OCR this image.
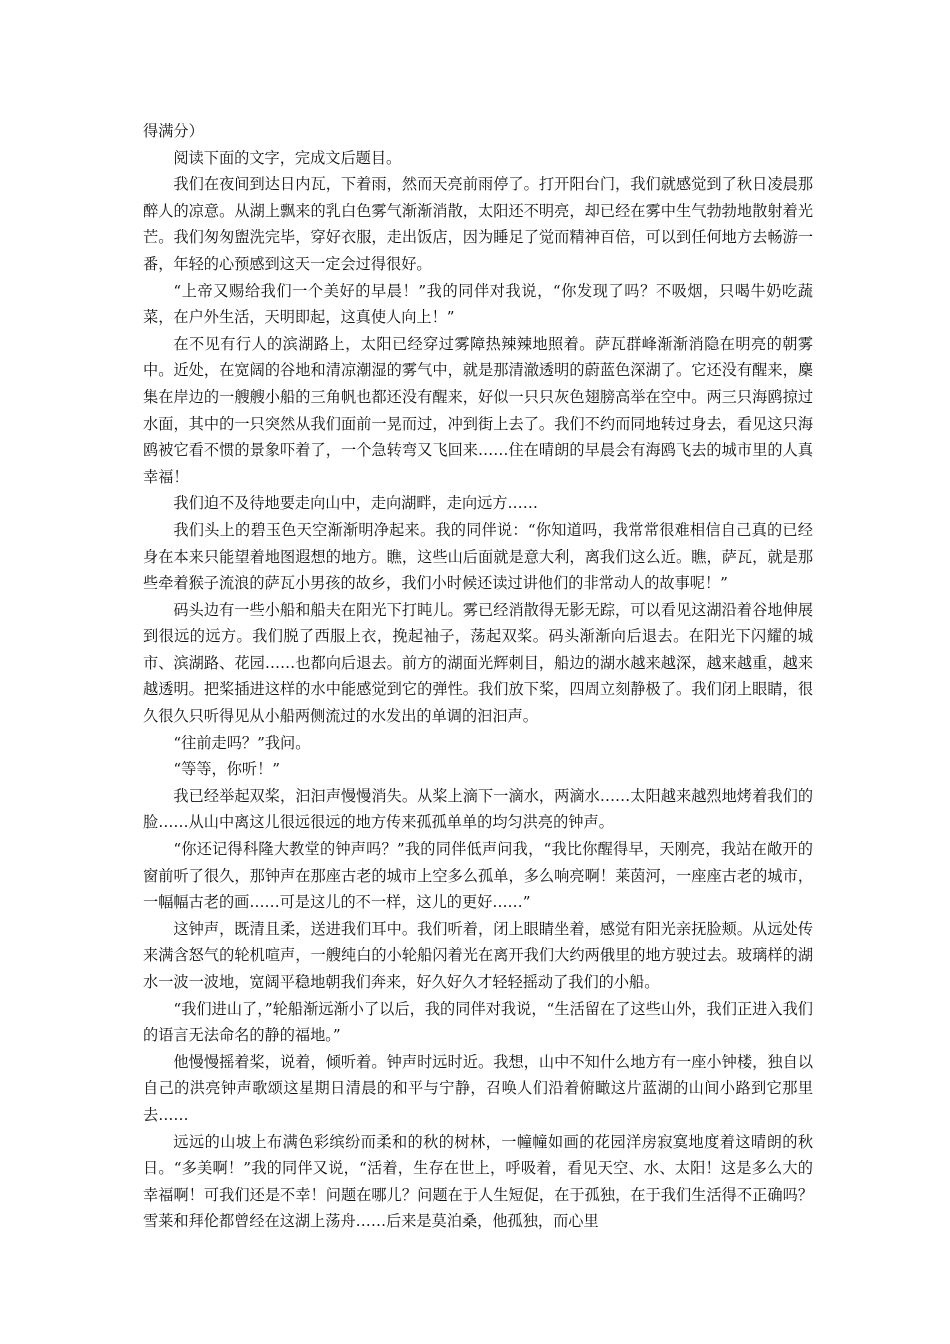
得满分）

阅读下面的文字，完成文后题目。

我们在夜间到达日内瓦，下着雨，然而天亮前雨停了。打开阳台门，我们就感觉到了秋日凌晨那醉人的凉意。从湖上飘来的乳白色雾气渐渐消散，太阳还不明亮，却已经在雾中生气勃勃地散射着光芒。我们匆匆盥洗完毕，穿好衣服，走出饭店，因为睡足了觉而精神百倍，可以到任何地方去畅游一番，年轻的心预感到这天一定会过得很好。

“上帝又赐给我们一个美好的早晨！”我的同伴对我说，“你发现了吗？不吸烟，只喝牛奶吃蔬菜，在户外生活，天明即起，这真使人向上！”

在不见有行人的滨湖路上，太阳已经穿过雾障热辣辣地照着。萨瓦群峰渐渐消隐在明亮的朝雾中。近处，在宽阔的谷地和清凉潮湿的雾气中，就是那清澈透明的蔚蓝色深湖了。它还没有醒来，麇集在岸边的一艘艘小船的三角帆也都还没有醒来，好似一只只灰色翅膀高举在空中。两三只海鸥掠过水面，其中的一只突然从我们面前一晃而过，冲到街上去了。我们不约而同地转过身去，看见这只海鸥被它看不惯的景象吓着了，一个急转弯又飞回来……住在晴朗的早晨会有海鸥飞去的城市里的人真幸福！

我们迫不及待地要走向山中，走向湖畔，走向远方……

我们头上的碧玉色天空渐渐明净起来。我的同伴说：“你知道吗，我常常很难相信自己真的已经身在本来只能望着地图遐想的地方。瞧，这些山后面就是意大利，离我们这么近。瞧，萨瓦，就是那些牵着猴子流浪的萨瓦小男孩的故乡，我们小时候还读过讲他们的非常动人的故事呢！”

码头边有一些小船和船夫在阳光下打盹儿。雾已经消散得无影无踪，可以看见这湖沿着谷地伸展到很远的远方。我们脱了西服上衣，挽起袖子，荡起双桨。码头渐渐向后退去。在阳光下闪耀的城市、滨湖路、花园……也都向后退去。前方的湖面光辉刺目，船边的湖水越来越深，越来越重，越来越透明。把桨插进这样的水中能感觉到它的弹性。我们放下桨，四周立刻静极了。我们闭上眼睛，很久很久只听得见从小船两侧流过的水发出的单调的汩汩声。

“往前走吗？”我问。

“等等，你听！”

我已经举起双桨，汩汩声慢慢消失。从桨上滴下一滴水，两滴水……太阳越来越烈地烤着我们的脸……从山中离这儿很远很远的地方传来孤孤单单的均匀洪亮的钟声。

“你还记得科隆大教堂的钟声吗？”我的同伴低声问我，“我比你醒得早，天刚亮，我站在敞开的窗前听了很久，那钟声在那座古老的城市上空多么孤单，多么响亮啊！莱茵河，一座座古老的城市，一幅幅古老的画……可是这儿的不一样，这儿的更好……”

这钟声，既清且柔，送进我们耳中。我们听着，闭上眼睛坐着，感觉有阳光亲抚脸颊。从远处传来满含怒气的轮机喧声，一艘纯白的小轮船闪着光在离开我们大约两俄里的地方驶过去。玻璃样的湖水一波一波地，宽阔平稳地朝我们奔来，好久好久才轻轻摇动了我们的小船。

“我们进山了，”轮船渐远渐小了以后，我的同伴对我说，“生活留在了这些山外，我们正进入我们的语言无法命名的静的福地。”

他慢慢摇着桨，说着，倾听着。钟声时远时近。我想，山中不知什么地方有一座小钟楼，独自以自己的洪亮钟声歌颂这星期日清晨的和平与宁静，召唤人们沿着俯瞰这片蓝湖的山间小路到它那里去……

远远的山坡上布满色彩缤纷而柔和的秋的树林，一幢幢如画的花园洋房寂寞地度着这晴朗的秋日。“多美啊！”我的同伴又说，“活着，生存在世上，呼吸着，看见天空、水、太阳！这是多么大的幸福啊！可我们还是不幸！问题在哪儿？问题在于人生短促，在于孤独，在于我们生活得不正确吗？雪莱和拜伦都曾经在这湖上荡舟……后来是莫泊桑，他孤独，而心里
